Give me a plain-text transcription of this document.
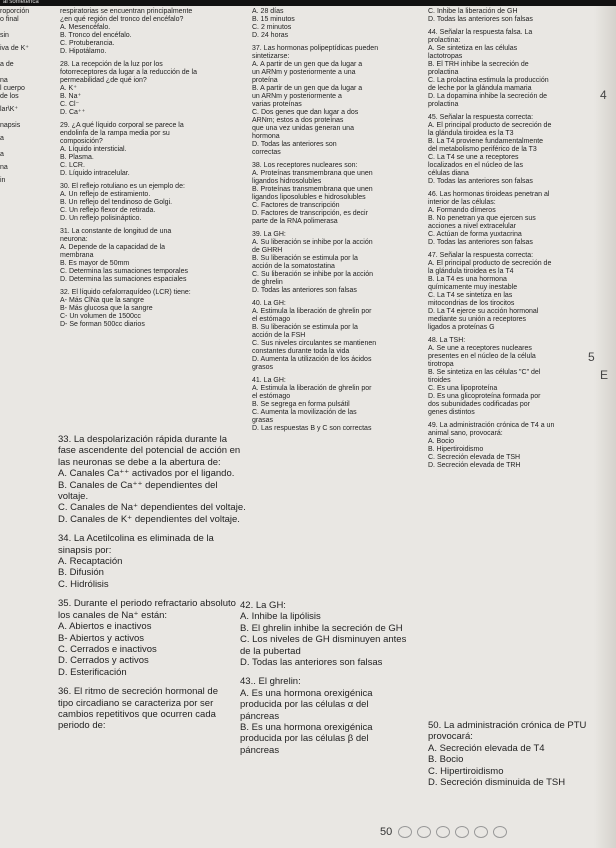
ai sometérica
roporción
o final

sin
iva de K⁺

a de

na
l cuerpo
de los
lar\K⁺

napsis
a

a
na
in
respiratorias se encuentran principalmente
¿en qué región del tronco del encéfalo?
A. Mesencéfalo.
B. Tronco del encéfalo.
C. Protuberancia.
D. Hipotálamo.
28. La recepción de la luz por los
fotorreceptores da lugar a la reducción de la
permeabilidad ¿de qué ion?
A. K⁺
B. Na⁺
C. Cl⁻
D. Ca⁺⁺
29. ¿A qué líquido corporal se parece la
endolinfa de la rampa media por su
composición?
A. Líquido intersticial.
B. Plasma.
C. LCR.
D. Líquido intracelular.
30. El reflejo rotuliano es un ejemplo de:
A. Un reflejo de estiramiento.
B. Un reflejo del tendinoso de Golgi.
C. Un reflejo flexor de retirada.
D. Un reflejo polisináptico.
31. La constante de longitud de una
neurona:
A. Depende de la capacidad de la
membrana
B. Es mayor de 50mm
C. Determina las sumaciones temporales
D. Determina las sumaciones espaciales
32. El líquido cefalorraquídeo (LCR) tiene:
A- Más ClNa que la sangre
B- Más glucosa que la sangre
C- Un volumen de 1500cc
D- Se forman 500cc diarios
33. La despolarización rápida durante la
fase ascendente del potencial de acción en
las neuronas se debe a la abertura de:
A. Canales Ca⁺⁺ activados por el ligando.
B. Canales de Ca⁺⁺ dependientes del
voltaje.
C. Canales de Na⁺ dependientes del voltaje.
D. Canales de K⁺ dependientes del voltaje.
34. La Acetilcolina es eliminada de la
sinapsis por:
A. Recaptación
B. Difusión
C. Hidrólisis
35. Durante el periodo refractario absoluto
los canales de Na⁺ están:
A. Abiertos e inactivos
B- Abiertos y activos
C. Cerrados e inactivos
D. Cerrados y activos
D. Esterificación
36. El ritmo de secreción hormonal de
tipo circadiano se caracteriza por ser
cambios repetitivos que ocurren cada
periodo de:
A. 28 días
B. 15 minutos
C. 2 minutos
D. 24 horas
37. Las hormonas polipeptídicas pueden
sintetizarse:
A. A partir de un gen que da lugar a
un ARNm y posteriormente a una
proteína
B. A partir de un gen que da lugar a
un ARNm y posteriormente a
varias proteínas
C. Dos genes que dan lugar a dos
ARNm; estos a dos proteínas
que una vez unidas generan una
hormona
D. Todas las anteriores son
correctas
38. Los receptores nucleares son:
A. Proteínas transmembrana que unen
ligandos hidrosolubles
B. Proteínas transmembrana que unen
ligandos liposolubles e hidrosolubles
C. Factores de transcripción
D. Factores de transcripción, es decir
parte de la RNA polimerasa
39. La GH:
A. Su liberación se inhibe por la acción
de GHRH
B. Su liberación se estimula por la
acción de la somatostatina
C. Su liberación se inhibe por la acción
de ghrelin
D. Todas las anteriores son falsas
40. La GH:
A. Estimula la liberación de ghrelin por
el estómago
B. Su liberación se estimula por la
acción de la FSH
C. Sus niveles circulantes se mantienen
constantes durante toda la vida
D. Aumenta la utilización de los ácidos
grasos
41. La GH:
A. Estimula la liberación de ghrelin por
el estómago
B. Se segrega en forma pulsátil
C. Aumenta la movilización de las
grasas
D. Las respuestas B y C son correctas
42. La GH:
A. Inhibe la lipólisis
B. El ghrelin inhibe la secreción de GH
C. Los niveles de GH disminuyen antes
de la pubertad
D. Todas las anteriores son falsas
43.. El ghrelin:
A. Es una hormona orexigénica
producida por las células α del
páncreas
B. Es una hormona orexigénica
producida por las células β del
páncreas
C. Inhibe la liberación de GH
D. Todas las anteriores son falsas
44. Señalar la respuesta falsa. La
prolactina:
A. Se sintetiza en las células
lactotropas
B. El TRH inhibe la secreción de
prolactina
C. La prolactina estimula la producción
de leche por la glándula mamaria
D. La dopamina inhibe la secreción de
prolactina
45. Señalar la respuesta correcta:
A. El principal producto de secreción de
la glándula tiroidea es la T3
B. La T4 proviene fundamentalmente
del metabolismo periférico de la T3
C. La T4 se une a receptores
localizados en el núcleo de las
células diana
D. Todas las anteriores son falsas
46. Las hormonas tiroideas penetran al
interior de las células:
A. Formando dímeros
B. No penetran ya que ejercen sus
acciones a nivel extracelular
C. Actúan de forma yuxtacrina
D. Todas las anteriores son falsas
47. Señalar la respuesta correcta:
A. El principal producto de secreción de
la glándula tiroidea es la T4
B. La T4 es una hormona
químicamente muy inestable
C. La T4 se sintetiza en las
mitocondrias de los tirocitos
D. La T4 ejerce su acción hormonal
mediante su unión a receptores
ligados a proteínas G
48. La TSH:
A. Se une a receptores nucleares
presentes en el núcleo de la célula
tirotropa
B. Se sintetiza en las células "C" del
tiroides
C. Es una lipoproteína
D. Es una glicoproteína formada por
dos subunidades codificadas por
genes distintos
49. La administración crónica de T4 a un
animal sano, provocará:
A. Bocio
B. Hipertiroidismo
C. Secreción elevada de TSH
D. Secreción elevada de TRH
50. La administración crónica de PTU
provocará:
A. Secreción elevada de T4
B. Bocio
C. Hipertiroidismo
D. Secreción disminuida de TSH
4
5
E
50
